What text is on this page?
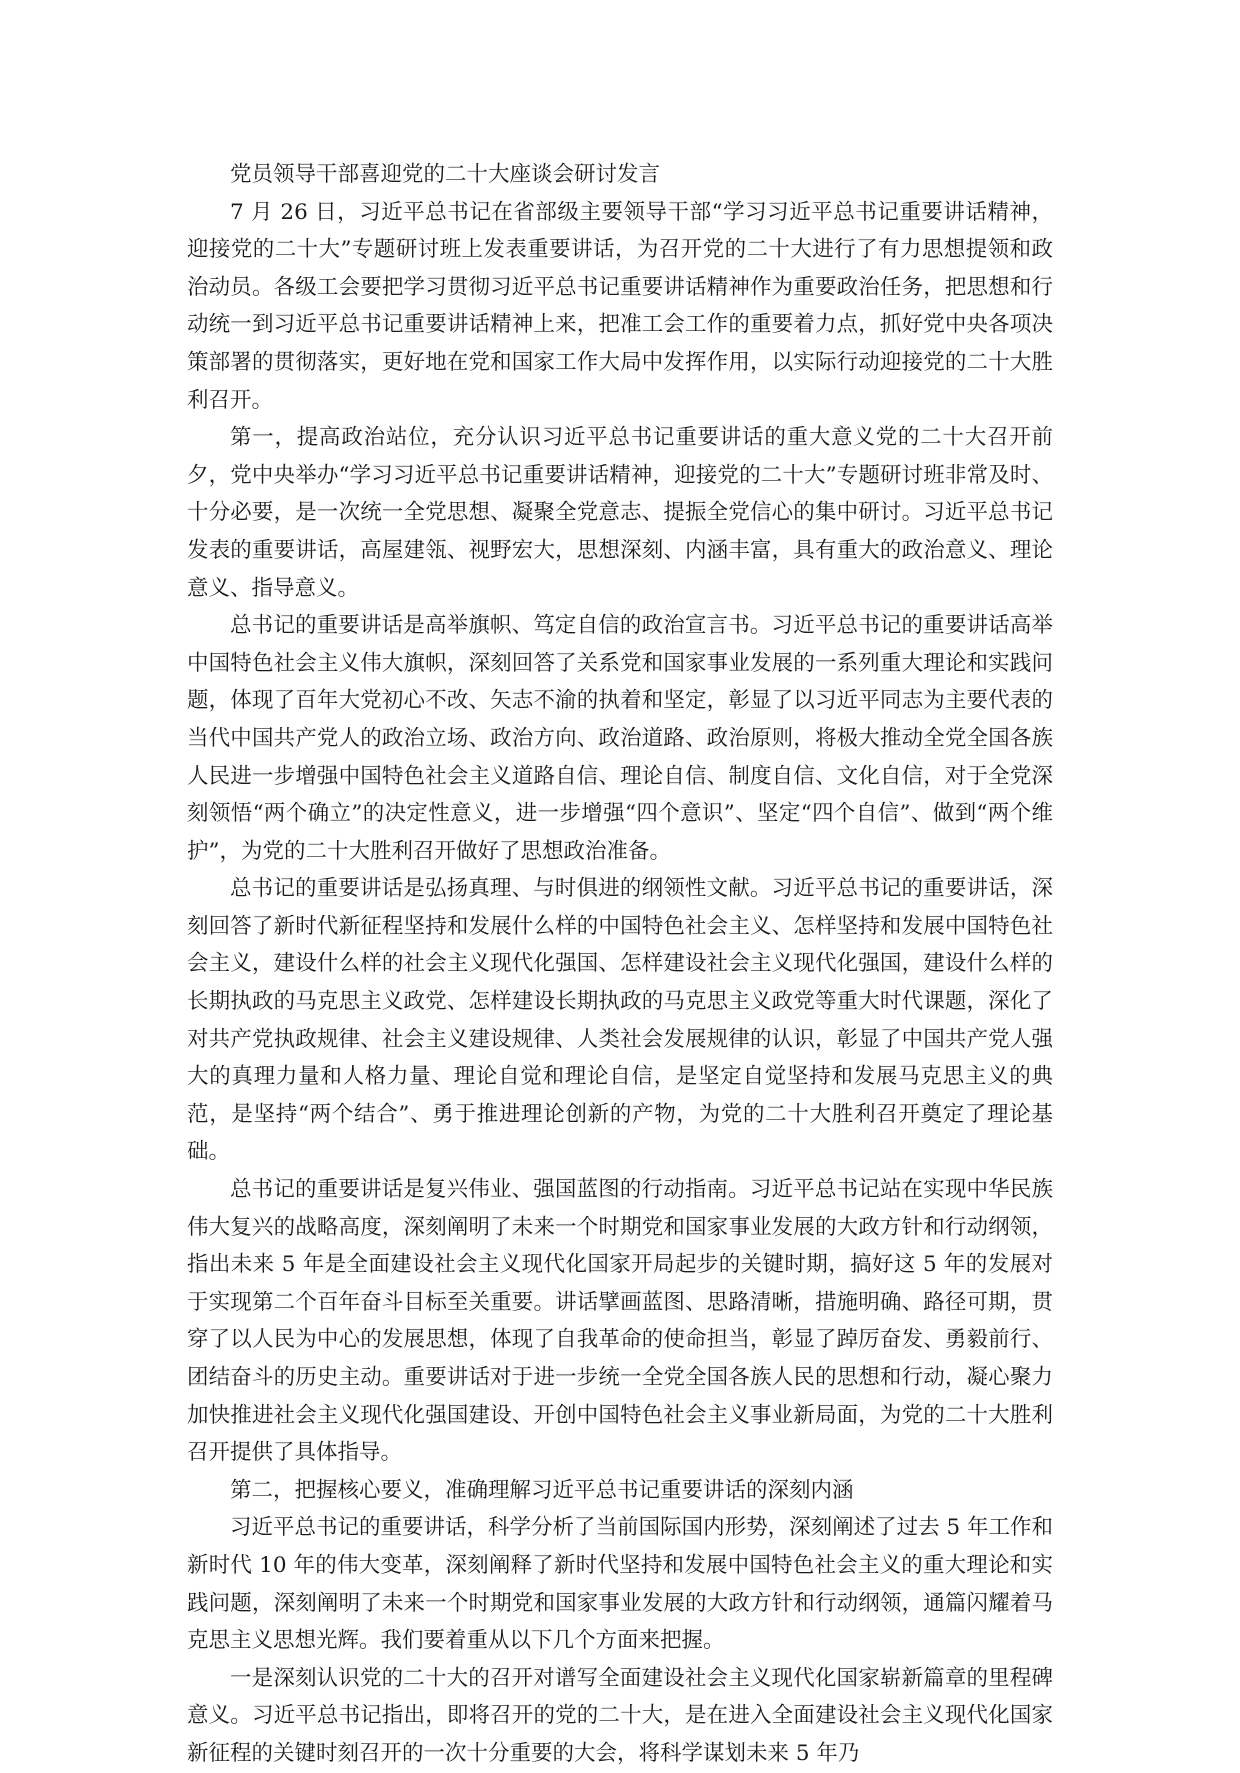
党员领导干部喜迎党的二十大座谈会研讨发言

7 月 26 日，习近平总书记在省部级主要领导干部“学习习近平总书记重要讲话精神，迎接党的二十大”专题研讨班上发表重要讲话，为召开党的二十大进行了有力思想提领和政治动员。各级工会要把学习贯彻习近平总书记重要讲话精神作为重要政治任务，把思想和行动统一到习近平总书记重要讲话精神上来，把准工会工作的重要着力点，抓好党中央各项决策部署的贯彻落实，更好地在党和国家工作大局中发挥作用，以实际行动迎接党的二十大胜利召开。

第一，提高政治站位，充分认识习近平总书记重要讲话的重大意义党的二十大召开前夕，党中央举办“学习习近平总书记重要讲话精神，迎接党的二十大”专题研讨班非常及时、十分必要，是一次统一全党思想、凝聚全党意志、提振全党信心的集中研讨。习近平总书记发表的重要讲话，高屋建瓴、视野宏大，思想深刻、内涵丰富，具有重大的政治意义、理论意义、指导意义。

总书记的重要讲话是高举旗帜、笃定自信的政治宣言书。习近平总书记的重要讲话高举中国特色社会主义伟大旗帜，深刻回答了关系党和国家事业发展的一系列重大理论和实践问题，体现了百年大党初心不改、矢志不渝的执着和坚定，彰显了以习近平同志为主要代表的当代中国共产党人的政治立场、政治方向、政治道路、政治原则，将极大推动全党全国各族人民进一步增强中国特色社会主义道路自信、理论自信、制度自信、文化自信，对于全党深刻领悟“两个确立”的决定性意义，进一步增强“四个意识”、坚定“四个自信”、做到“两个维护”，为党的二十大胜利召开做好了思想政治准备。

总书记的重要讲话是弘扬真理、与时俱进的纲领性文献。习近平总书记的重要讲话，深刻回答了新时代新征程坚持和发展什么样的中国特色社会主义、怎样坚持和发展中国特色社会主义，建设什么样的社会主义现代化强国、怎样建设社会主义现代化强国，建设什么样的长期执政的马克思主义政党、怎样建设长期执政的马克思主义政党等重大时代课题，深化了对共产党执政规律、社会主义建设规律、人类社会发展规律的认识，彰显了中国共产党人强大的真理力量和人格力量、理论自觉和理论自信，是坚定自觉坚持和发展马克思主义的典范，是坚持“两个结合”、勇于推进理论创新的产物，为党的二十大胜利召开奠定了理论基础。

总书记的重要讲话是复兴伟业、强国蓝图的行动指南。习近平总书记站在实现中华民族伟大复兴的战略高度，深刻阐明了未来一个时期党和国家事业发展的大政方针和行动纲领，指出未来 5 年是全面建设社会主义现代化国家开局起步的关键时期，搞好这 5 年的发展对于实现第二个百年奋斗目标至关重要。讲话擘画蓝图、思路清晰，措施明确、路径可期，贯穿了以人民为中心的发展思想，体现了自我革命的使命担当，彰显了踔厉奋发、勇毅前行、团结奋斗的历史主动。重要讲话对于进一步统一全党全国各族人民的思想和行动，凝心聚力加快推进社会主义现代化强国建设、开创中国特色社会主义事业新局面，为党的二十大胜利召开提供了具体指导。

第二，把握核心要义，准确理解习近平总书记重要讲话的深刻内涵

习近平总书记的重要讲话，科学分析了当前国际国内形势，深刻阐述了过去 5 年工作和新时代 10 年的伟大变革，深刻阐释了新时代坚持和发展中国特色社会主义的重大理论和实践问题，深刻阐明了未来一个时期党和国家事业发展的大政方针和行动纲领，通篇闪耀着马克思主义思想光辉。我们要着重从以下几个方面来把握。

一是深刻认识党的二十大的召开对谱写全面建设社会主义现代化国家崭新篇章的里程碑意义。习近平总书记指出，即将召开的党的二十大，是在进入全面建设社会主义现代化国家新征程的关键时刻召开的一次十分重要的大会，将科学谋划未来 5 年乃
